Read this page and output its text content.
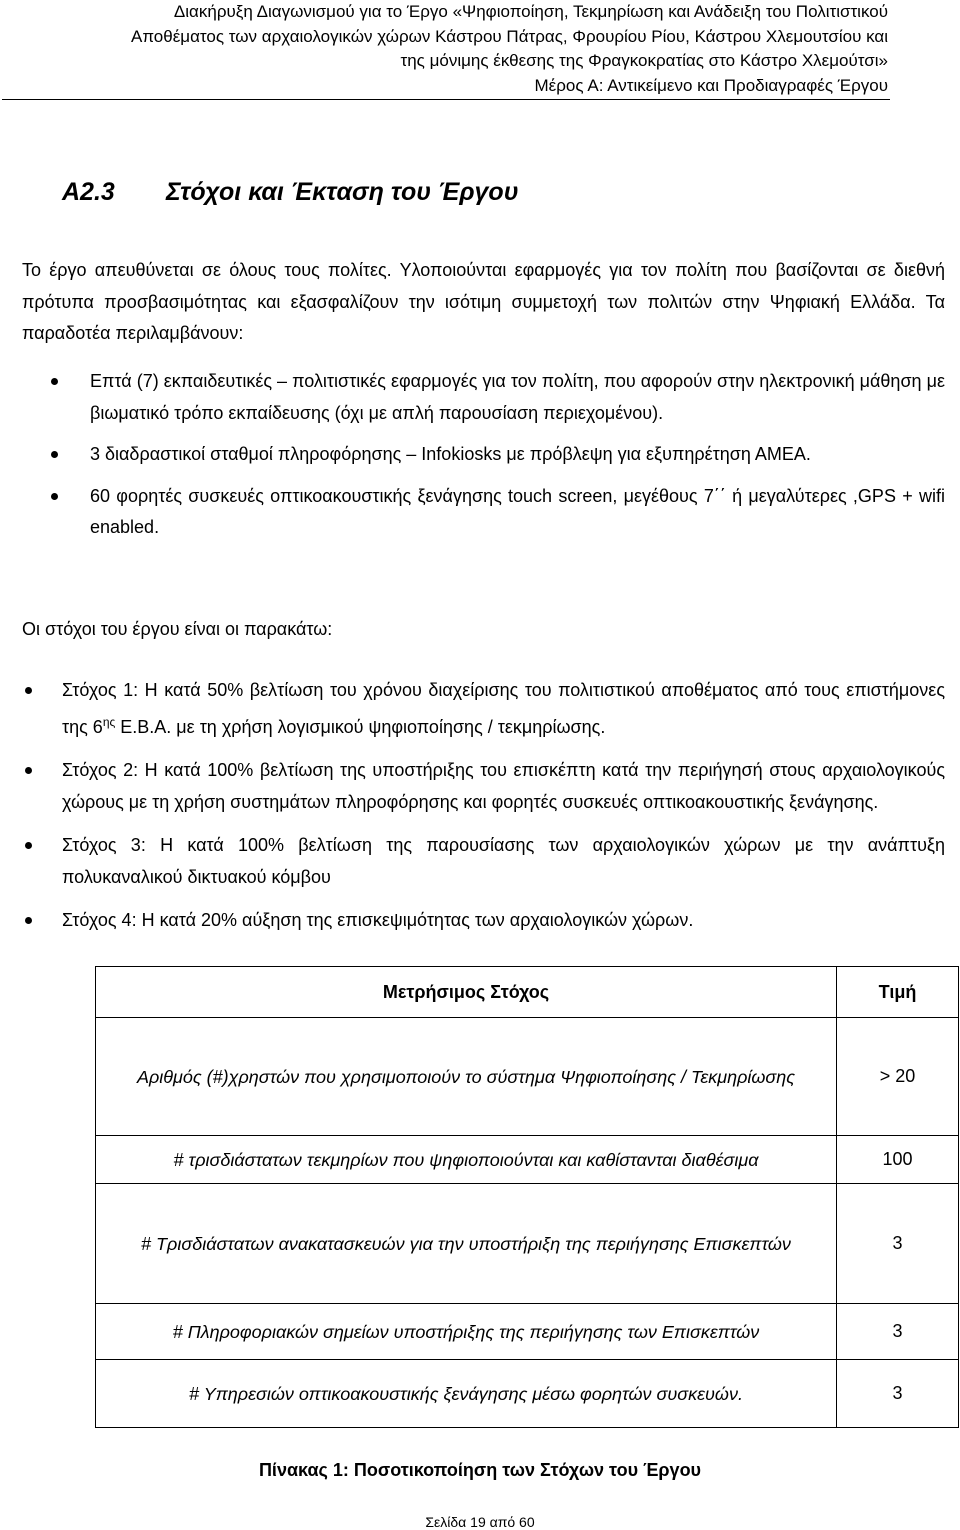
Διακήρυξη Διαγωνισμού για το Έργο «Ψηφιοποίηση, Τεκμηρίωση και Ανάδειξη του Πολιτιστικού
Αποθέματος των αρχαιολογικών χώρων Κάστρου Πάτρας, Φρουρίου Ρίου, Κάστρου Χλεμουτσίου και
της μόνιμης έκθεσης της Φραγκοκρατίας στο Κάστρο Χλεμούτσι»
Μέρος Α: Αντικείμενο και Προδιαγραφές Έργου
Α2.3 Στόχοι και Έκταση του Έργου
Το έργο απευθύνεται σε όλους τους πολίτες. Υλοποιούνται εφαρμογές για τον πολίτη που βασίζονται σε διεθνή πρότυπα προσβασιμότητας και εξασφαλίζουν την ισότιμη συμμετοχή των πολιτών στην Ψηφιακή Ελλάδα. Τα παραδοτέα περιλαμβάνουν:
Επτά (7) εκπαιδευτικές – πολιτιστικές εφαρμογές για τον πολίτη, που αφορούν στην ηλεκτρονική μάθηση με βιωματικό τρόπο εκπαίδευσης (όχι με απλή παρουσίαση περιεχομένου).
3 διαδραστικοί σταθμοί πληροφόρησης – Infokiosks με πρόβλεψη για εξυπηρέτηση ΑΜΕΑ.
60 φορητές συσκευές οπτικοακουστικής ξενάγησης touch screen, μεγέθους 7΄΄ ή μεγαλύτερες ,GPS + wifi enabled.
Οι στόχοι του έργου είναι οι παρακάτω:
Στόχος 1: Η κατά 50% βελτίωση του χρόνου διαχείρισης του πολιτιστικού αποθέματος από τους επιστήμονες της $6^{\eta\varsigma}$ Ε.Β.Α. με τη χρήση λογισμικού ψηφιοποίησης / τεκμηρίωσης.
Στόχος 2: Η κατά 100% βελτίωση της υποστήριξης του επισκέπτη κατά την περιήγησή στους αρχαιολογικούς χώρους με τη χρήση συστημάτων πληροφόρησης και φορητές συσκευές οπτικοακουστικής ξενάγησης.
Στόχος 3: Η κατά 100% βελτίωση της παρουσίασης των αρχαιολογικών χώρων με την ανάπτυξη πολυκαναλικού δικτυακού κόμβου
Στόχος 4: Η κατά 20% αύξηση της επισκεψιμότητας των αρχαιολογικών χώρων.
Μετρήσιμος Στόχος	Τιμή
Αριθμός (#)χρηστών που χρησιμοποιούν το σύστημα Ψηφιοποίησης / Τεκμηρίωσης	> 20
# τρισδιάστατων τεκμηρίων που ψηφιοποιούνται και καθίστανται διαθέσιμα	100
# Τρισδιάστατων ανακατασκευών για την υποστήριξη της περιήγησης Επισκεπτών	3
# Πληροφοριακών σημείων υποστήριξης της περιήγησης των Επισκεπτών	3
# Υπηρεσιών οπτικοακουστικής ξενάγησης μέσω φορητών συσκευών.	3
Πίνακας 1: Ποσοτικοποίηση των Στόχων του Έργου
Σελίδα 19 από 60
